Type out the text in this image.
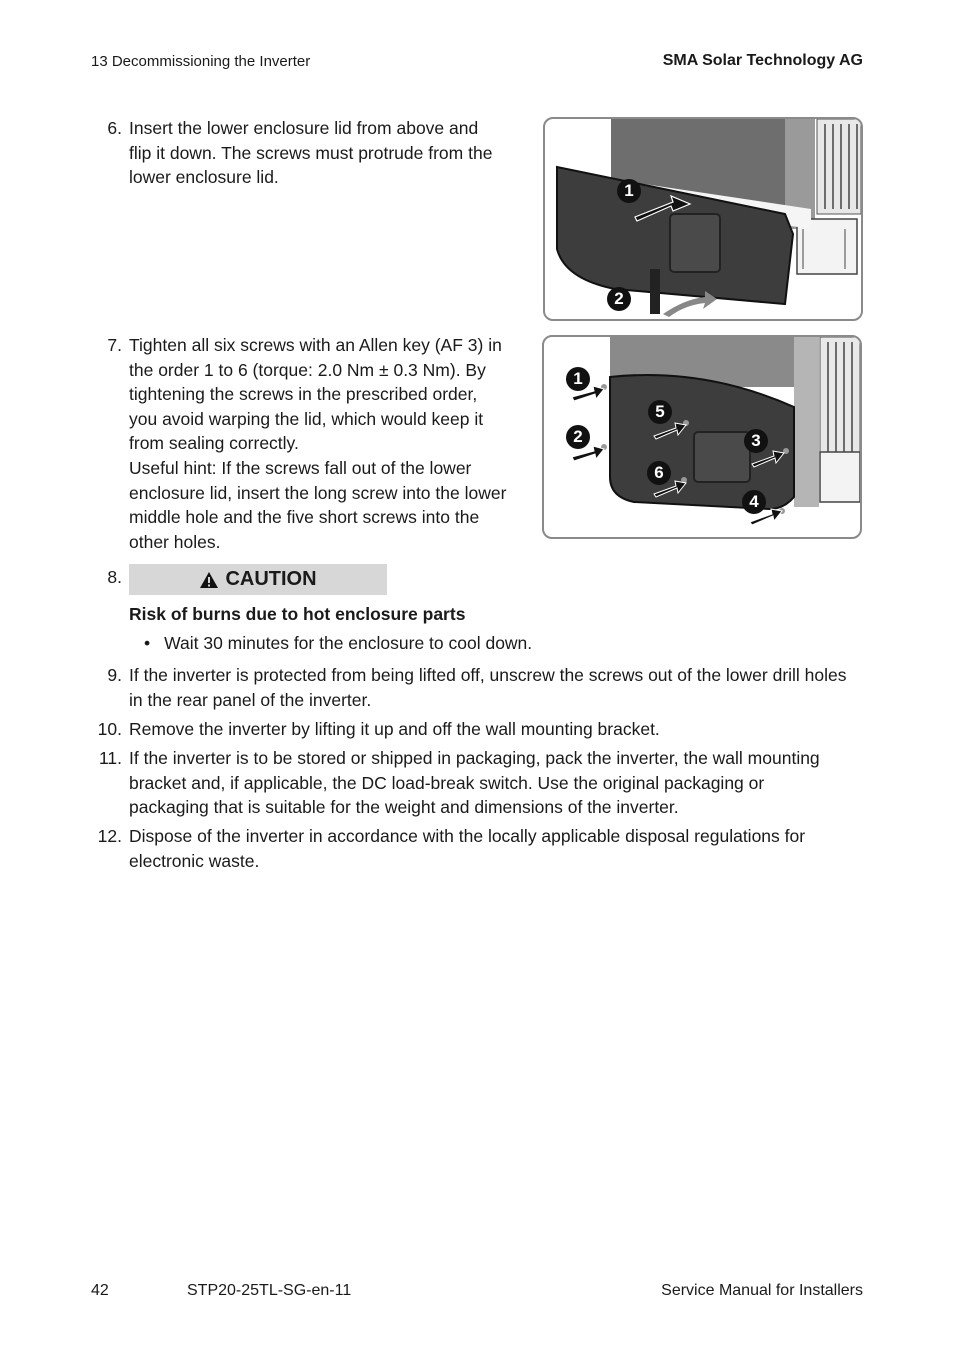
13 Decommissioning the Inverter	SMA Solar Technology AG
6. Insert the lower enclosure lid from above and
flip it down. The screws must protrude from the
lower enclosure lid.
1
2
7. Tighten all six screws with an Allen key (AF 3) in
the order 1 to 6 (torque: 2.0 Nm ± 0.3 Nm). By
tightening the screws in the prescribed order,
you avoid warping the lid, which would keep it
from sealing correctly.
Useful hint: If the screws fall out of the lower
enclosure lid, insert the long screw into the lower
middle hole and the five short screws into the
other holes.
1
2	3
4
5
6
8.	CAUTION
Risk of burns due to hot enclosure parts
• Wait 30 minutes for the enclosure to cool down.
9. If the inverter is protected from being lifted off, unscrew the screws out of the lower drill holes
in the rear panel of the inverter.
10. Remove the inverter by lifting it up and off the wall mounting bracket.
11. If the inverter is to be stored or shipped in packaging, pack the inverter, the wall mounting
bracket and, if applicable, the DC load-break switch. Use the original packaging or
packaging that is suitable for the weight and dimensions of the inverter.
12. Dispose of the inverter in accordance with the locally applicable disposal regulations for
electronic waste.
42	STP20-25TL-SG-en-11	Service Manual for Installers
